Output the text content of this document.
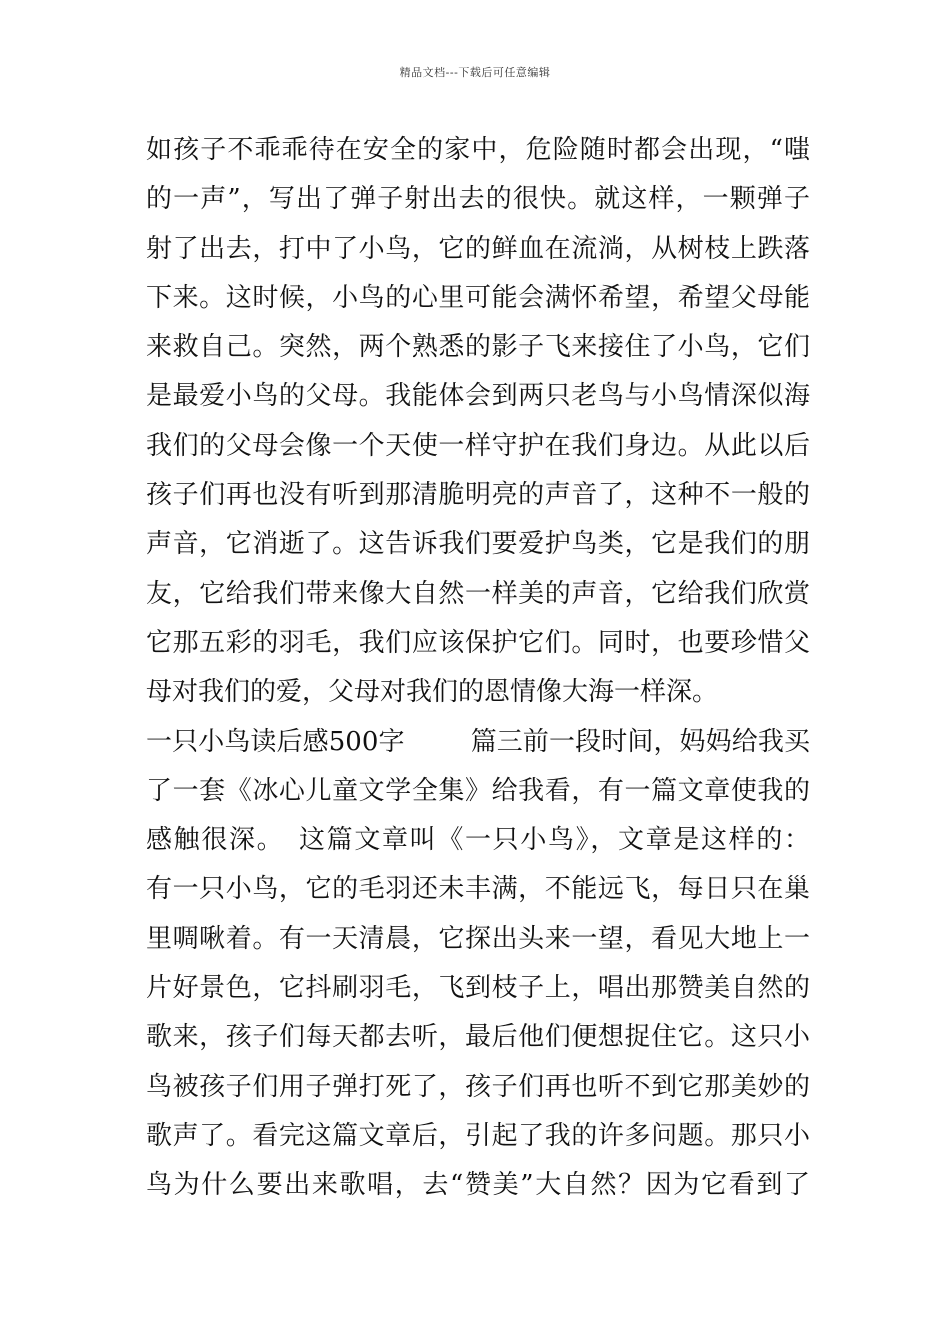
精品文档---下载后可任意编辑
如孩子不乖乖待在安全的家中，危险随时都会出现，“嗤
的一声”，写出了弹子射出去的很快。就这样，一颗弹子
射了出去，打中了小鸟，它的鲜血在流淌，从树枝上跌落
下来。这时候，小鸟的心里可能会满怀希望，希望父母能
来救自己。突然，两个熟悉的影子飞来接住了小鸟，它们
是最爱小鸟的父母。我能体会到两只老鸟与小鸟情深似海
我们的父母会像一个天使一样守护在我们身边。从此以后
孩子们再也没有听到那清脆明亮的声音了，这种不一般的
声音，它消逝了。这告诉我们要爱护鸟类，它是我们的朋
友，它给我们带来像大自然一样美的声音，它给我们欣赏
它那五彩的羽毛，我们应该保护它们。同时，也要珍惜父
母对我们的爱，父母对我们的恩情像大海一样深。
一只小鸟读后感500字	篇三前一段时间，妈妈给我买
了一套《冰心儿童文学全集》给我看，有一篇文章使我的
感触很深。　这篇文章叫《一只小鸟》，文章是这样的：
有一只小鸟，它的毛羽还未丰满，不能远飞，每日只在巢
里啁啾着。有一天清晨，它探出头来一望，看见大地上一
片好景色，它抖刷羽毛，飞到枝子上，唱出那赞美自然的
歌来，孩子们每天都去听，最后他们便想捉住它。这只小
鸟被孩子们用子弹打死了，孩子们再也听不到它那美妙的
歌声了。看完这篇文章后，引起了我的许多问题。那只小
鸟为什么要出来歌唱，去“赞美”大自然？因为它看到了
